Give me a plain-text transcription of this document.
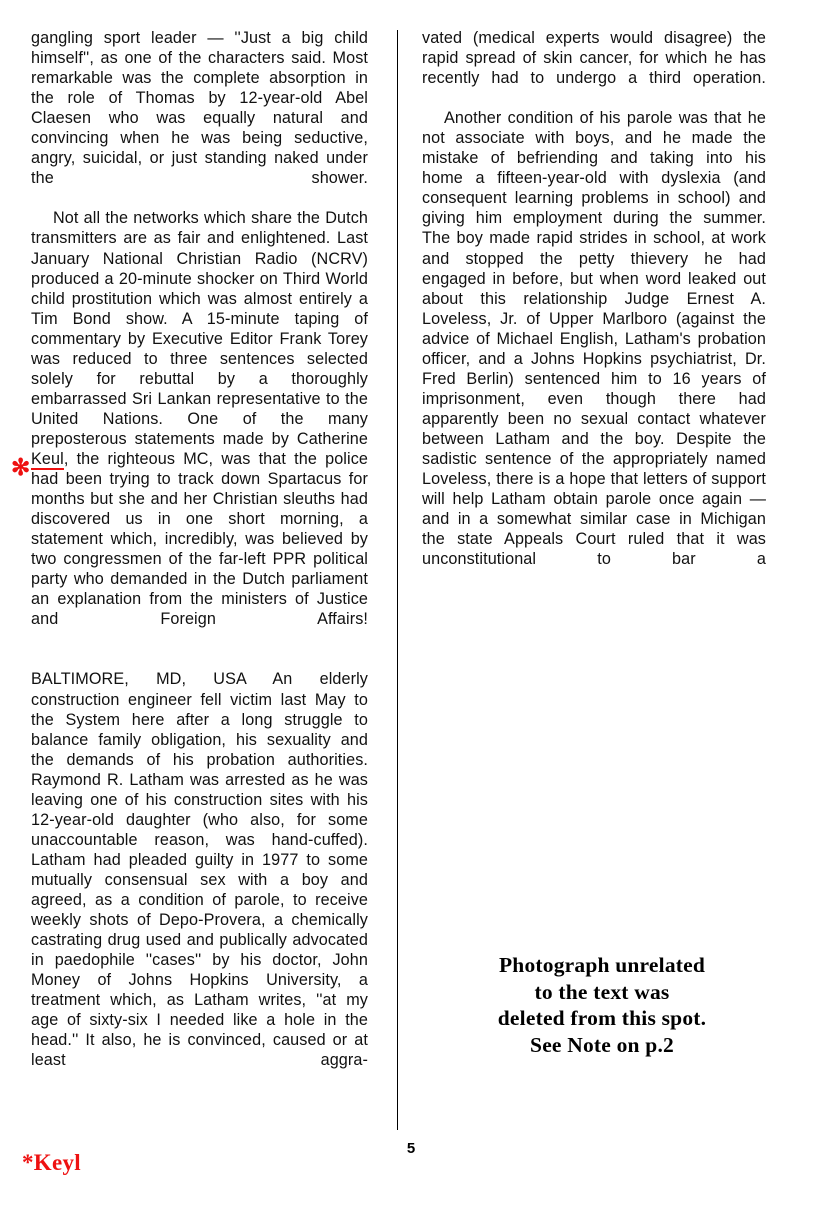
gangling sport leader — ''Just a big child himself'', as one of the characters said. Most remarkable was the complete absorption in the role of Thomas by 12-year-old Abel Claesen who was equally natural and convincing when he was being seductive, angry, suicidal, or just standing naked under the shower.

Not all the networks which share the Dutch transmitters are as fair and enlightened. Last January National Christian Radio (NCRV) produced a 20-minute shocker on Third World child prostitution which was almost entirely a Tim Bond show. A 15-minute taping of commentary by Executive Editor Frank Torey was reduced to three sentences selected solely for rebuttal by a thoroughly embarrassed Sri Lankan representative to the United Nations. One of the many preposterous statements made by Catherine Keul, the righteous MC, was that the police had been trying to track down Spartacus for months but she and her Christian sleuths had discovered us in one short morning, a statement which, incredibly, was believed by two congressmen of the far-left PPR political party who demanded in the Dutch parliament an explanation from the ministers of Justice and Foreign Affairs!

BALTIMORE, MD, USA An elderly construction engineer fell victim last May to the System here after a long struggle to balance family obligation, his sexuality and the demands of his probation authorities. Raymond R. Latham was arrested as he was leaving one of his construction sites with his 12-year-old daughter (who also, for some unaccountable reason, was hand-cuffed). Latham had pleaded guilty in 1977 to some mutually consensual sex with a boy and agreed, as a condition of parole, to receive weekly shots of Depo-Provera, a chemically castrating drug used and publically advocated in paedophile ''cases'' by his doctor, John Money of Johns Hopkins University, a treatment which, as Latham writes, ''at my age of sixty-six I needed like a hole in the head.'' It also, he is convinced, caused or at least aggra-

vated (medical experts would disagree) the rapid spread of skin cancer, for which he has recently had to undergo a third operation.

Another condition of his parole was that he not associate with boys, and he made the mistake of befriending and taking into his home a fifteen-year-old with dyslexia (and consequent learning problems in school) and giving him employment during the summer. The boy made rapid strides in school, at work and stopped the petty thievery he had engaged in before, but when word leaked out about this relationship Judge Ernest A. Loveless, Jr. of Upper Marlboro (against the advice of Michael English, Latham's probation officer, and a Johns Hopkins psychiatrist, Dr. Fred Berlin) sentenced him to 16 years of imprisonment, even though there had apparently been no sexual contact whatever between Latham and the boy. Despite the sadistic sentence of the appropriately named Loveless, there is a hope that letters of support will help Latham obtain parole once again — and in a somewhat similar case in Michigan the state Appeals Court ruled that it was unconstitutional to bar a

✻
Photograph unrelated
to the text was
deleted from this spot.
See Note on p.2
5
*Keyl
